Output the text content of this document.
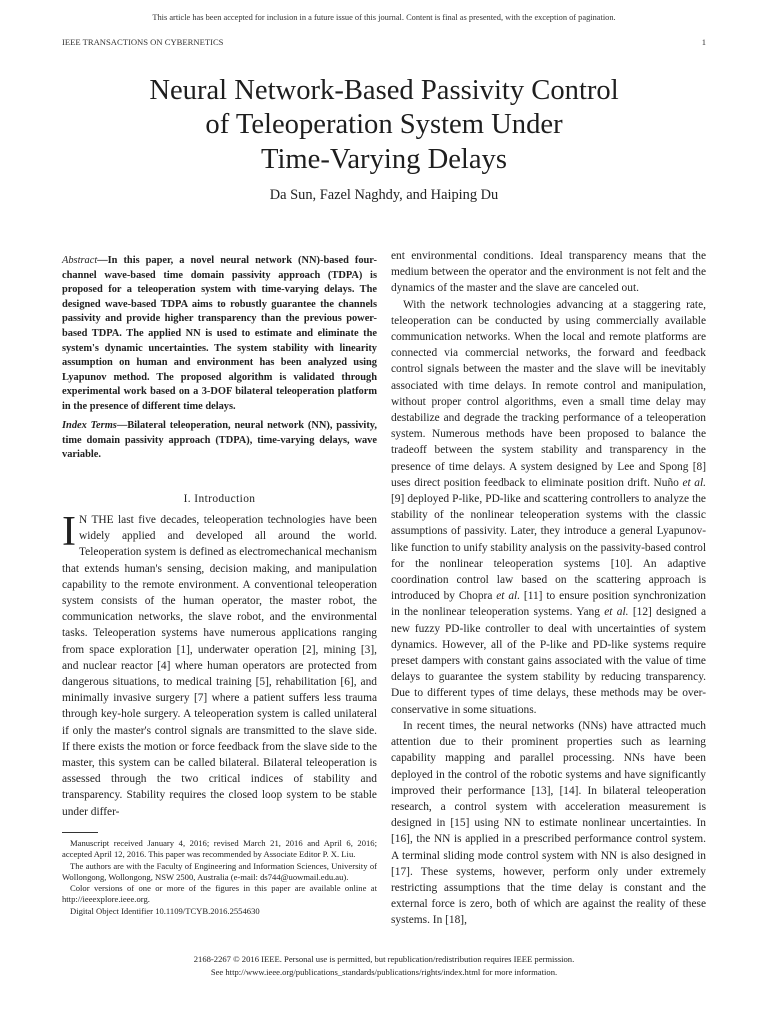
This article has been accepted for inclusion in a future issue of this journal. Content is final as presented, with the exception of pagination.
IEEE TRANSACTIONS ON CYBERNETICS	1
Neural Network-Based Passivity Control
of Teleoperation System Under
Time-Varying Delays
Da Sun, Fazel Naghdy, and Haiping Du
Abstract—In this paper, a novel neural network (NN)-based four-channel wave-based time domain passivity approach (TDPA) is proposed for a teleoperation system with time-varying delays. The designed wave-based TDPA aims to robustly guarantee the channels passivity and provide higher transparency than the previous power-based TDPA. The applied NN is used to estimate and eliminate the system's dynamic uncertainties. The system stability with linearity assumption on human and environment has been analyzed using Lyapunov method. The proposed algorithm is validated through experimental work based on a 3-DOF bilateral teleoperation platform in the presence of different time delays.
Index Terms—Bilateral teleoperation, neural network (NN), passivity, time domain passivity approach (TDPA), time-varying delays, wave variable.
I. Introduction

I N THE last five decades, teleoperation technologies have been widely applied and developed all around the world. Teleoperation system is defined as electromechanical mechanism that extends human's sensing, decision making, and manipulation capability to the remote environment. A conventional teleoperation system consists of the human operator, the master robot, the communication networks, the slave robot, and the environmental tasks. Teleoperation systems have numerous applications ranging from space exploration [1], underwater operation [2], mining [3], and nuclear reactor [4] where human operators are protected from dangerous situations, to medical training [5], rehabilitation [6], and minimally invasive surgery [7] where a patient suffers less trauma through key-hole surgery. A teleoperation system is called unilateral if only the master's control signals are transmitted to the slave side. If there exists the motion or force feedback from the slave side to the master, this system can be called bilateral. Bilateral teleoperation is assessed through the two critical indices of stability and transparency. Stability requires the closed loop system to be stable under differ-

Manuscript received January 4, 2016; revised March 21, 2016 and April 6, 2016; accepted April 12, 2016. This paper was recommended by Associate Editor P. X. Liu.

The authors are with the Faculty of Engineering and Information Sciences, University of Wollongong, Wollongong, NSW 2500, Australia (e-mail: ds744@uowmail.edu.au).

Color versions of one or more of the figures in this paper are available online at http://ieeexplore.ieee.org.

Digital Object Identifier 10.1109/TCYB.2016.2554630

ent environmental conditions. Ideal transparency means that the medium between the operator and the environment is not felt and the dynamics of the master and the slave are canceled out.

With the network technologies advancing at a staggering rate, teleoperation can be conducted by using commercially available communication networks. When the local and remote platforms are connected via commercial networks, the forward and feedback control signals between the master and the slave will be inevitably associated with time delays. In remote control and manipulation, without proper control algorithms, even a small time delay may destabilize and degrade the tracking performance of a teleoperation system. Numerous methods have been proposed to balance the tradeoff between the system stability and transparency in the presence of time delays. A system designed by Lee and Spong [8] uses direct position feedback to eliminate position drift. Nuño et al. [9] deployed P-like, PD-like and scattering controllers to analyze the stability of the nonlinear teleoperation systems with the classic assumptions of passivity. Later, they introduce a general Lyapunov-like function to unify stability analysis on the passivity-based control for the nonlinear teleoperation systems [10]. An adaptive coordination control law based on the scattering approach is introduced by Chopra et al. [11] to ensure position synchronization in the nonlinear teleoperation systems. Yang et al. [12] designed a new fuzzy PD-like controller to deal with uncertainties of system dynamics. However, all of the P-like and PD-like systems require preset dampers with constant gains associated with the value of time delays to guarantee the system stability by reducing transparency. Due to different types of time delays, these methods may be over-conservative in some situations.

In recent times, the neural networks (NNs) have attracted much attention due to their prominent properties such as learning capability mapping and parallel processing. NNs have been deployed in the control of the robotic systems and have significantly improved their performance [13], [14]. In bilateral teleoperation research, a control system with acceleration measurement is designed in [15] using NN to estimate nonlinear uncertainties. In [16], the NN is applied in a prescribed performance control system. A terminal sliding mode control system with NN is also designed in [17]. These systems, however, perform only under extremely restricting assumptions that the time delay is constant and the external force is zero, both of which are against the reality of these systems. In [18],

2168-2267 © 2016 IEEE. Personal use is permitted, but republication/redistribution requires IEEE permission.
See http://www.ieee.org/publications_standards/publications/rights/index.html for more information.
